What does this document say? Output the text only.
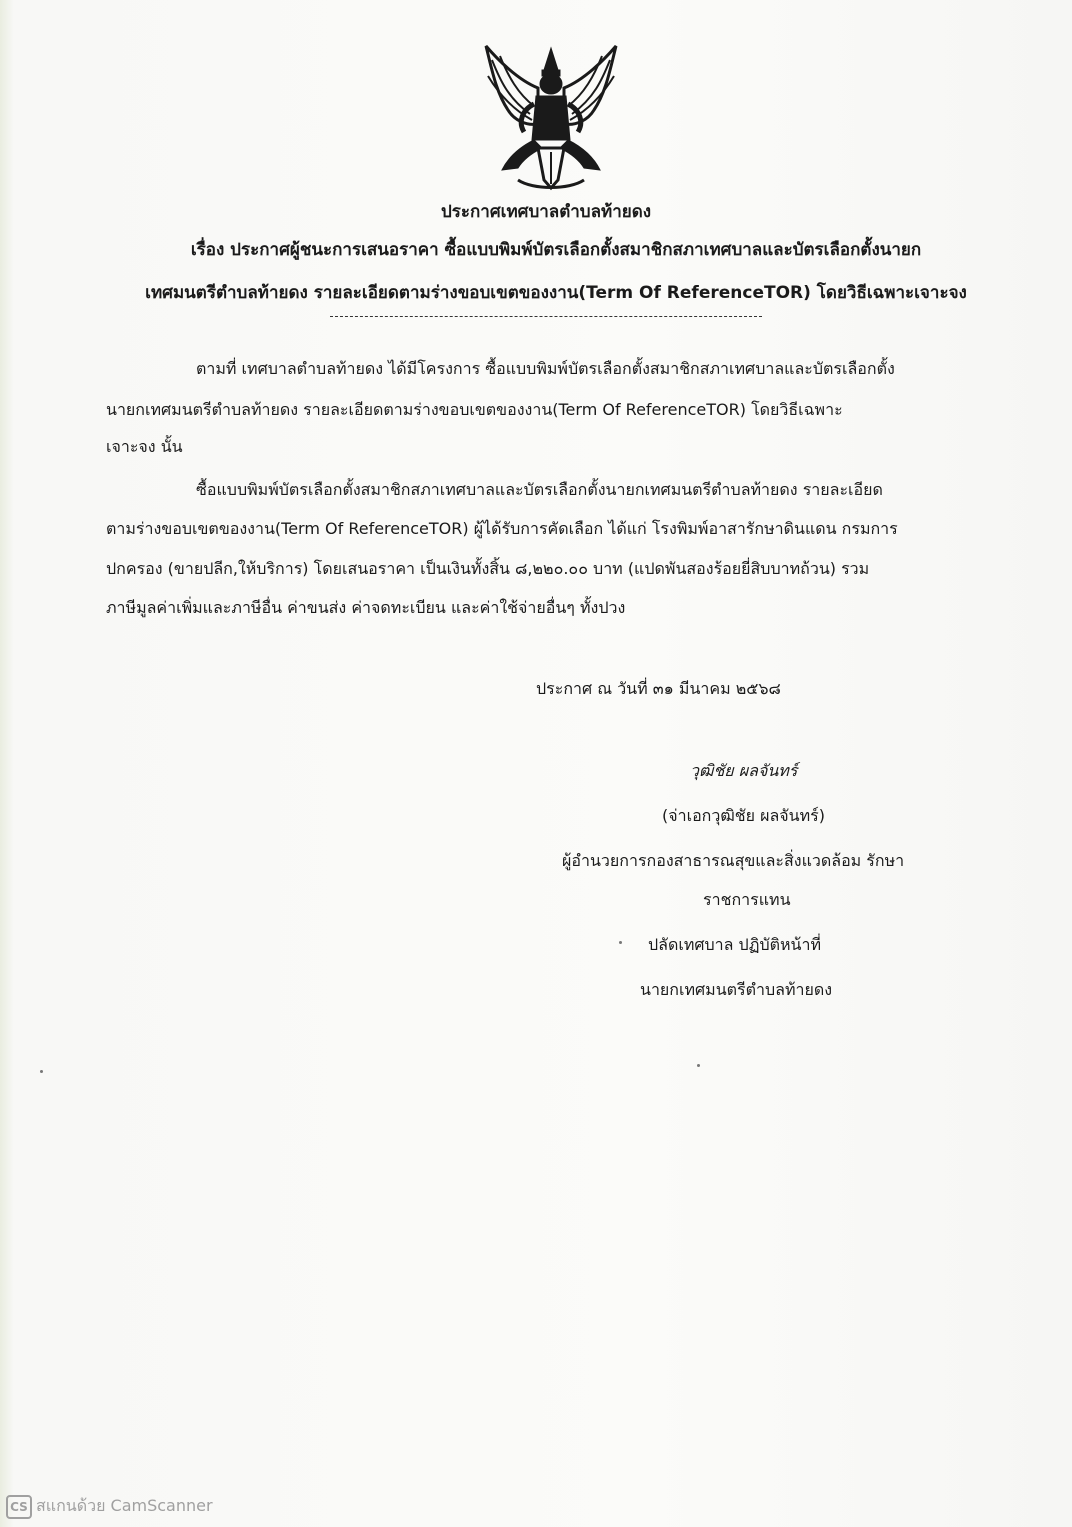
ประกาศเทศบาลตำบลท้ายดง
เรื่อง ประกาศผู้ชนะการเสนอราคา ซื้อแบบพิมพ์บัตรเลือกตั้งสมาชิกสภาเทศบาลและบัตรเลือกตั้งนายก
เทศมนตรีตำบลท้ายดง รายละเอียดตามร่างขอบเขตของงาน(Term Of ReferenceTOR) โดยวิธีเฉพาะเจาะจง
ตามที่ เทศบาลตำบลท้ายดง ได้มีโครงการ ซื้อแบบพิมพ์บัตรเลือกตั้งสมาชิกสภาเทศบาลและบัตรเลือกตั้ง
นายกเทศมนตรีตำบลท้ายดง รายละเอียดตามร่างขอบเขตของงาน(Term Of ReferenceTOR) โดยวิธีเฉพาะ
เจาะจง นั้น
ซื้อแบบพิมพ์บัตรเลือกตั้งสมาชิกสภาเทศบาลและบัตรเลือกตั้งนายกเทศมนตรีตำบลท้ายดง รายละเอียด
ตามร่างขอบเขตของงาน(Term Of ReferenceTOR) ผู้ได้รับการคัดเลือก ได้แก่ โรงพิมพ์อาสารักษาดินแดน กรมการ
ปกครอง (ขายปลีก,ให้บริการ) โดยเสนอราคา เป็นเงินทั้งสิ้น ๘,๒๒๐.๐๐ บาท (แปดพันสองร้อยยี่สิบบาทถ้วน) รวม
ภาษีมูลค่าเพิ่มและภาษีอื่น ค่าขนส่ง ค่าจดทะเบียน และค่าใช้จ่ายอื่นๆ ทั้งปวง
ประกาศ ณ วันที่ ๓๑ มีนาคม ๒๕๖๘
วุฒิชัย ผลจันทร์
(จ่าเอกวุฒิชัย ผลจันทร์)
ผู้อำนวยการกองสาธารณสุขและสิ่งแวดล้อม รักษา
ราชการแทน
ปลัดเทศบาล ปฏิบัติหน้าที่
นายกเทศมนตรีตำบลท้ายดง
CS สแกนด้วย CamScanner
